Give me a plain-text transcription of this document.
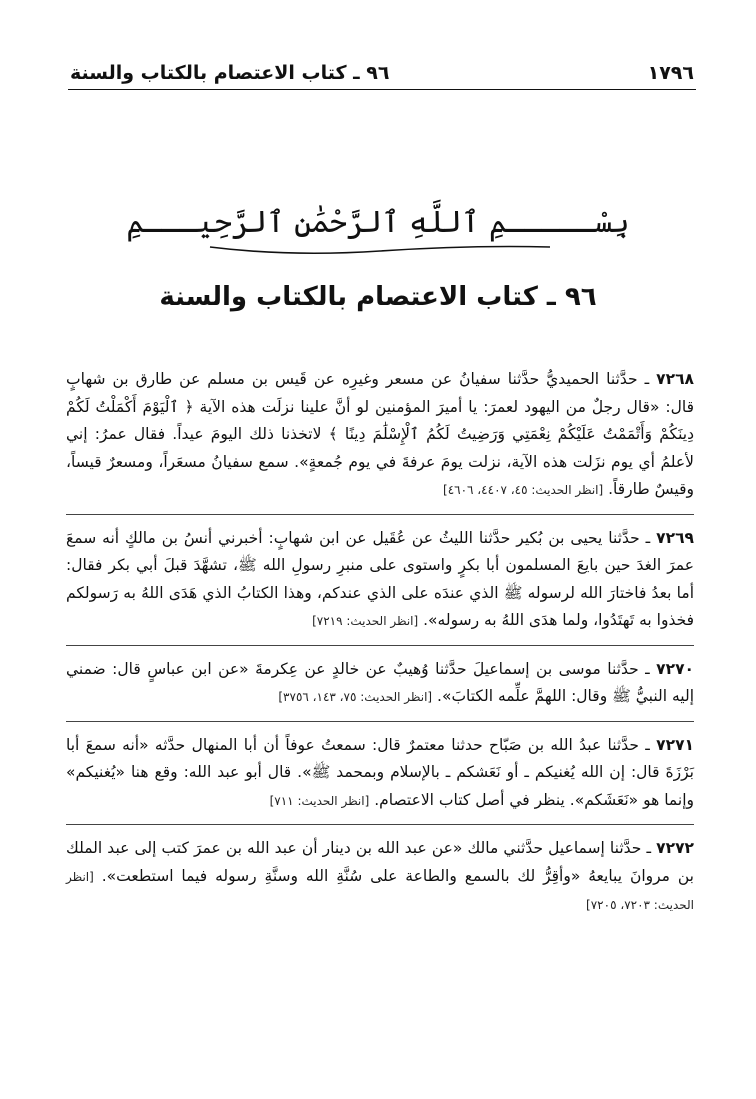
١٧٩٦
٩٦ ـ كتاب الاعتصام بالكتاب والسنة
بِسْـــــمِ ٱللَّهِ ٱلرَّحْمَٰنِ ٱلرَّحِيـــمِ
٩٦ ـ كتاب الاعتصام بالكتاب والسنة

٧٢٦٨ ـ حدَّثنا الحميديُّ حدَّثنا سفيانُ عن مسعر وغيرِه عن قَيس بن مسلم عن طارق بن شهابٍ قال: «قال رجلٌ من اليهود لعمرَ: يا أميرَ المؤمنين لو أنَّ علينا نزلَت هذه الآية ﴿ ٱلْيَوْمَ أَكْمَلْتُ لَكُمْ دِينَكُمْ وَأَتْمَمْتُ عَلَيْكُمْ نِعْمَتِي وَرَضِيتُ لَكُمُ ٱلْإِسْلَٰمَ دِينًا ﴾ لاتخذنا ذلك اليومَ عيداً. فقال عمرُ: إني لأعلمُ أي يوم نزَلت هذه الآية، نزلت يومَ عرفةَ في يوم جُمعةٍ». سمع سفيانُ مسعَراً، ومسعرٌ قيساً، وقيسٌ طارقاً. [انظر الحديث: ٤٥، ٤٤٠٧، ٤٦٠٦]

٧٢٦٩ ـ حدَّثنا يحيى بن بُكير حدَّثنا الليثُ عن عُقَيل عن ابن شهابٍ: أخبرني أنسُ بن مالكٍ أنه سمعَ عمرَ الغدَ حين بايعَ المسلمون أبا بكرٍ واستوى على منبرِ رسولِ الله ﷺ، تشهَّدَ قبلَ أبي بكر فقال: أما بعدُ فاختارَ الله لرسوله ﷺ الذي عندَه على الذي عندكم، وهذا الكتابُ الذي هَدَى اللهُ به رَسولكم فخذوا به تَهتَدُوا، ولما هدَى اللهُ به رسوله». [انظر الحديث: ٧٢١٩]

٧٢٧٠ ـ حدَّثنا موسى بن إسماعيلَ حدَّثنا وُهيبٌ عن خالدٍ عن عِكرمةَ «عن ابن عباسٍ قال: ضمني إليه النبيُّ ﷺ وقال: اللهمَّ علِّمه الكتابَ». [انظر الحديث: ٧٥، ١٤٣، ٣٧٥٦]

٧٢٧١ ـ حدَّثنا عبدُ الله بن صَبّاح حدثنا معتمرٌ قال: سمعتُ عوفاً أن أبا المنهال حدَّثه «أنه سمعَ أبا بَرْزَةَ قال: إن الله يُغنيكم ـ أو نَعَشكم ـ بالإسلام وبمحمد ﷺ». قال أبو عبد الله: وقع هنا «يُغنيكم» وإنما هو «نَعَشَكم». ينظر في أصل كتاب الاعتصام. [انظر الحديث: ٧١١]

٧٢٧٢ ـ حدَّثنا إسماعيل حدَّثني مالك «عن عبد الله بن دينار أن عبد الله بن عمرَ كتب إلى عبد الملك بن مروانَ يبايعهُ «وأقِرُّ لك بالسمع والطاعة على سُنَّةِ الله وسنَّةِ رسوله فيما استطعت». [انظر الحديث: ٧٢٠٣، ٧٢٠٥]
